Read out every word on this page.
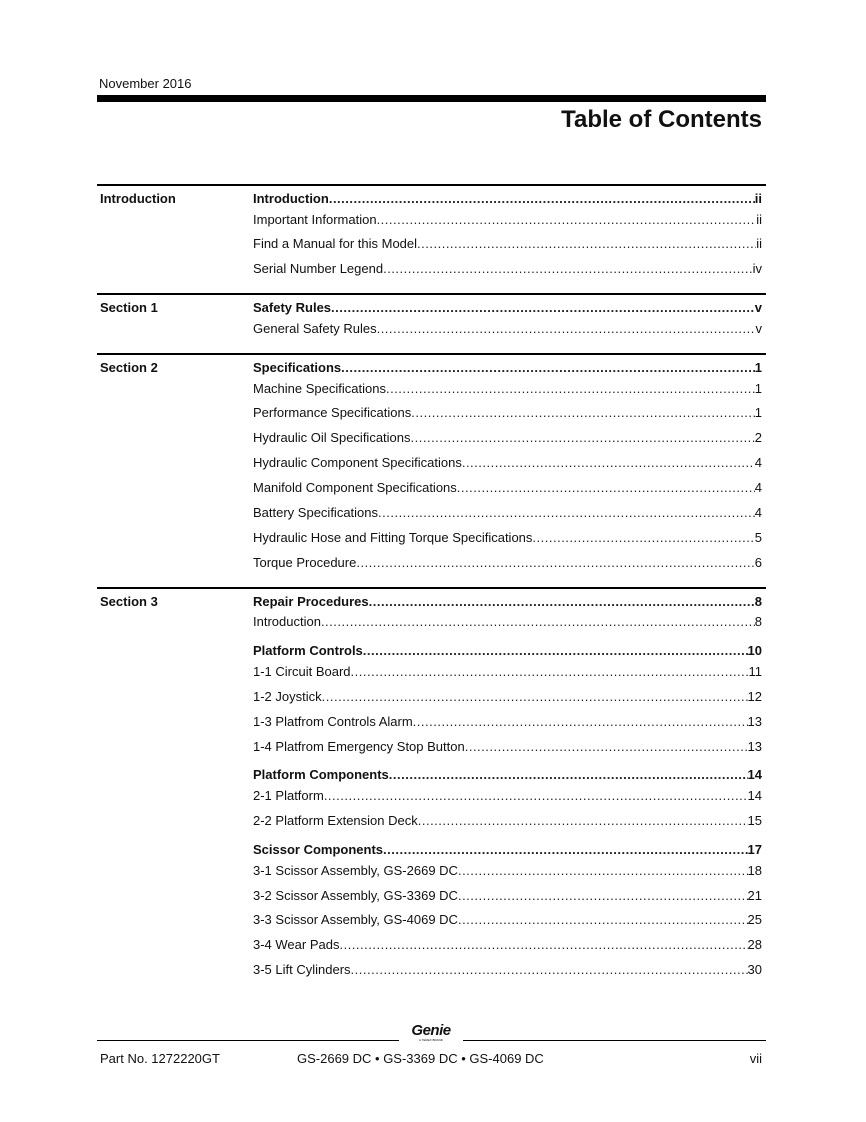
November 2016
Table of Contents
Introduction	Introduction .....	ii
Important Information .....	ii
Find a Manual for this Model .....	ii
Serial Number Legend .....	iv
Section 1	Safety Rules .....	v
General Safety Rules .....	v
Section 2	Specifications .....	1
Machine Specifications .....	1
Performance Specifications .....	1
Hydraulic Oil Specifications .....	2
Hydraulic Component Specifications .....	4
Manifold Component Specifications .....	4
Battery Specifications .....	4
Hydraulic Hose and Fitting Torque Specifications .....	5
Torque Procedure .....	6
Section 3	Repair Procedures .....	8
Introduction .....	8
Platform Controls .....	10
1-1 Circuit Board .....	11
1-2 Joystick .....	12
1-3 Platfrom Controls Alarm .....	13
1-4 Platfrom Emergency Stop Button .....	13
Platform Components .....	14
2-1 Platform .....	14
2-2 Platform Extension Deck .....	15
Scissor Components .....	17
3-1 Scissor Assembly, GS-2669 DC .....	18
3-2 Scissor Assembly, GS-3369 DC .....	21
3-3 Scissor Assembly, GS-4069 DC .....	25
3-4 Wear Pads .....	28
3-5 Lift Cylinders .....	30
Genie
A TEREX BRAND
Part No. 1272220GT	GS-2669 DC • GS-3369 DC • GS-4069 DC	vii
